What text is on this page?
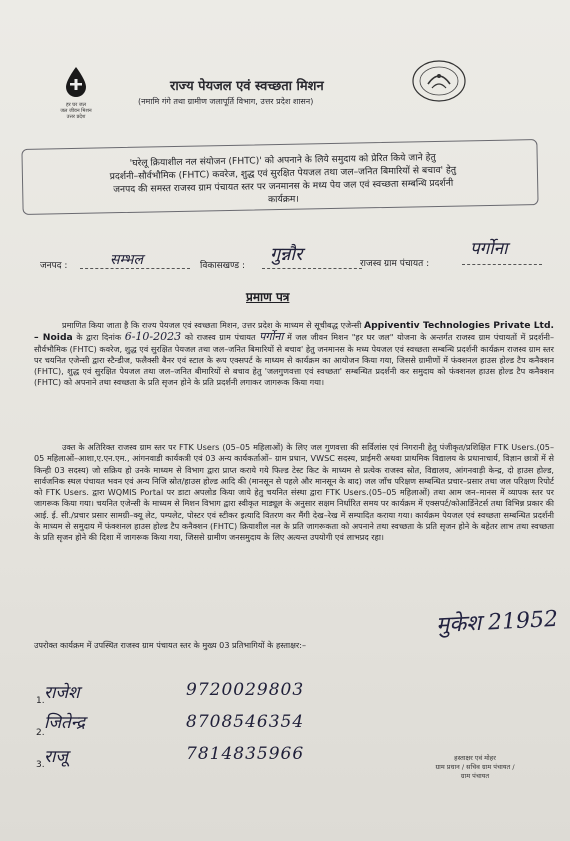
हर घर जल
जल जीवन मिशन
उत्तर प्रदेश
राज्य पेयजल एवं स्वच्छता मिशन
(नमामि गंगे तथा ग्रामीण जलापूर्ति विभाग, उत्तर प्रदेश शासन)
'घरेलू क्रियाशील नल संयोजन (FHTC)' को अपनाने के लिये समुदाय को प्रेरित किये जाने हेतु
प्रदर्शनी–सौर्वभौमिक (FHTC) कवरेज, शुद्ध एवं सुरक्षित पेयजल तथा जल–जनित बिमारियों से बचाव' हेतु
जनपद की समस्त राजस्व ग्राम पंचायत स्तर पर जनमानस के मध्य पेय जल एवं स्वच्छता सम्बन्धि प्रदर्शनी
कार्यक्रम।
जनपद :	सम्भल	विकासखण्ड :
गुन्नौर	राजस्व ग्राम पंचायत :
पर्गोना
प्रमाण पत्र
प्रमाणित किया जाता है कि राज्य पेयजल एवं स्वच्छता मिशन, उत्तर प्रदेश के माध्यम से सूचीबद्ध एजेन्सी Appiventiv Technologies Private Ltd. – Noida के द्वारा दिनांक 6-10-2023 को राजस्व ग्राम पंचायत पर्गोना में जल जीवन मिशन "हर घर जल" योजना के अन्तर्गत राजस्व ग्राम पंचायतों में प्रदर्शनी–सौर्वभौमिक (FHTC) कवरेज, शुद्ध एवं सुरक्षित पेयजल तथा जल–जनित बिमारियों से बचाव' हेतु जनमानस के मध्य पेयजल एवं स्वच्छता सम्बन्धि प्रदर्शनी कार्यक्रम राजस्व ग्राम स्तर पर चयनित एजेन्सी द्वारा स्टैन्डीज, फलैक्सी बैनर एवं स्टाल के रूप एक्सपर्ट के माध्यम से कार्यक्रम का आयोजन किया गया, जिससे ग्रामीणों में फंक्शनल हाउस होल्ड टैप कनैक्शन (FHTC), शुद्ध एवं सुरक्षित पेयजल तथा जल–जनित बीमारियों से बचाव हेतु 'जलगुणवत्ता एवं स्वच्छता' सम्बन्धित प्रदर्शनी कर समुदाय को फंक्शनल हाउस होल्ड टैप कनैक्शन (FHTC) को अपनाने तथा स्वच्छता के प्रति सृजन होने के प्रति प्रदर्शनी लगाकर जागरूक किया गया।
उक्त के अतिरिक्त राजस्व ग्राम स्तर पर FTK Users (05–05 महिलाओं) के लिए जल गुणवत्ता की सर्विलांस एवं निगरानी हेतु पंजीकृत/प्रशिक्षित FTK Users.(05–05 महिलाओं–आशा,ए.एन.एम., आंगनवाडी कार्यकत्री एवं 03 अन्य कार्यकर्ताओं– ग्राम प्रधान, VWSC सदस्य, प्राईमरी अथवा प्राथमिक विद्यालय के प्रधानाचार्य, विज्ञान छात्रों में से किन्ही 03 सदस्य) जो सक्रिय हो उनके माध्यम से विभाग द्वारा प्राप्त कराये गये फिल्ड टेस्ट किट के माध्यम से प्रत्येक राजस्व स्रोत, विद्यालय, आंगनवाड़ी केन्द्र, दो हाउस होल्ड, सार्वजनिक स्थल पंचायत भवन एवं अन्य निजि स्रोत/हाउस होल्ड आदि की (मानसून से पहले और मानसून के बाद) जल जाँच परिक्षण सम्बन्धित प्रचार–प्रसार तथा जल परिक्षण रिपोर्ट को FTK Users. द्वारा WQMIS Portal पर डाटा अपलोड किया जाये हेतु चयनित संस्था द्वारा FTK Users.(05–05 महिलाओं) तथा आम जन–मानस में व्यापक स्तर पर जागरूक किया गया। चयनित एजेन्सी के माध्यम से मिशन विभाग द्वारा स्वीकृत माड्यूल के अनुसार सक्षम निर्धारित समय पर कार्यक्रम में एक्सपर्ट/कोआर्डिनेटर्स तथा विभिन्न प्रकार की आई. ई. सी./प्रचार प्रसार सामग्री–क्यू लेट, पम्पलेट, पोस्टर एवं स्टीकर इत्यादि वितरण कर मैंगी देख–रेख में सम्पादित कराया गया। कार्यक्रम पेयजल एवं स्वच्छता सम्बन्धित प्रदर्शनी के माध्यम से समुदाय में फंक्शनल हाउस होल्ड टैप कनैक्शन (FHTC) क्रियाशील नल के प्रति जागरूकता को अपनाने तथा स्वच्छता के प्रति सृजन होने के बहेतर लाभ तथा स्वच्छता के प्रति सृजन होने की दिशा में जागरूक किया गया, जिससे ग्रामीण जनसमुदाय के लिए अत्यन्त उपयोगी एवं लाभप्रद रहा।
उपरोक्त कार्यक्रम में उपस्थित राजस्व ग्राम पंचायत स्तर के मुख्य 03 प्रतिभागियों के हस्ताक्षर:–
मुकेश 21952
हस्ताक्षर एवं मोहर
ग्राम प्रधान / सचिव ग्राम पंचायत /
ग्राम पंचायत
1. राजेश	9720029803
2. जितेन्द्र	8708546354
3. राजू	7814835966
